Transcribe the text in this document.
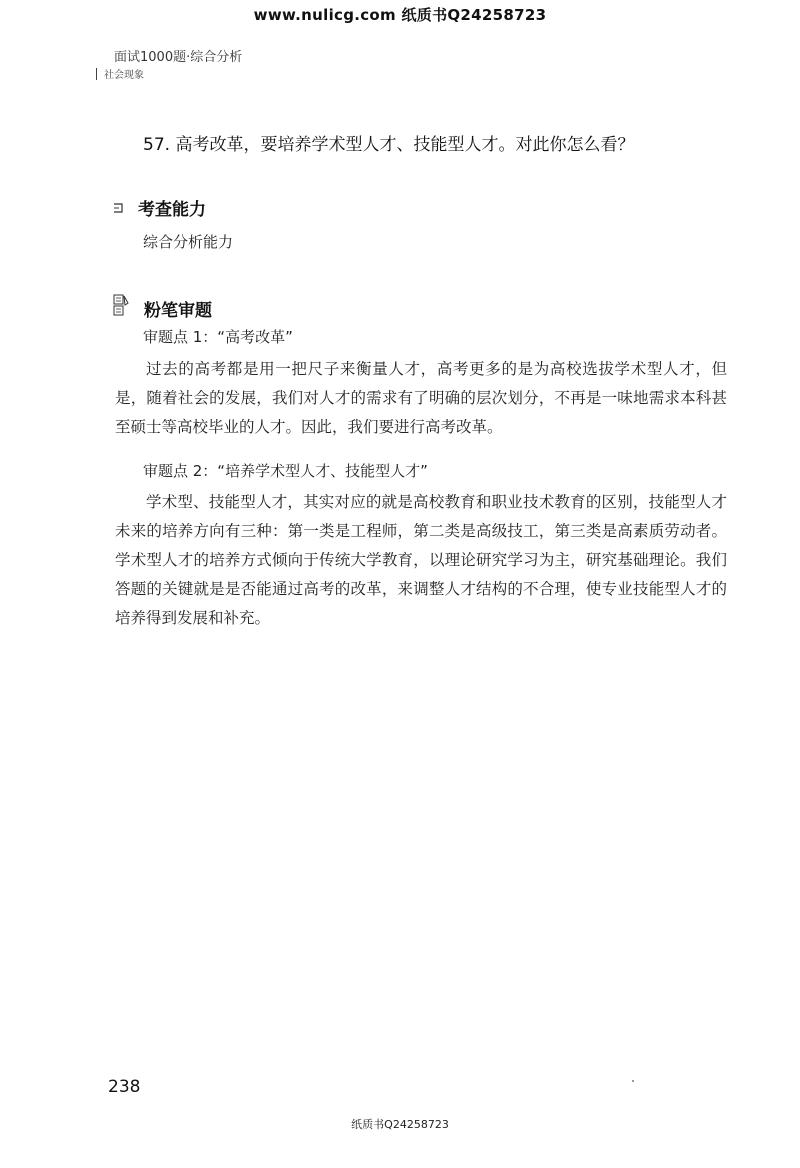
www.nulicg.com 纸质书Q24258723
面试1000题·综合分析
社会现象
57. 高考改革，要培养学术型人才、技能型人才。对此你怎么看？
考查能力
综合分析能力
粉笔审题
审题点 1：“高考改革”

过去的高考都是用一把尺子来衡量人才，高考更多的是为高校选拔学术型人才，但是，随着社会的发展，我们对人才的需求有了明确的层次划分，不再是一味地需求本科甚至硕士等高校毕业的人才。因此，我们要进行高考改革。

审题点 2：“培养学术型人才、技能型人才”

学术型、技能型人才，其实对应的就是高校教育和职业技术教育的区别，技能型人才未来的培养方向有三种：第一类是工程师，第二类是高级技工，第三类是高素质劳动者。学术型人才的培养方式倾向于传统大学教育，以理论研究学习为主，研究基础理论。我们答题的关键就是是否能通过高考的改革，来调整人才结构的不合理，使专业技能型人才的培养得到发展和补充。

238
纸质书Q24258723
